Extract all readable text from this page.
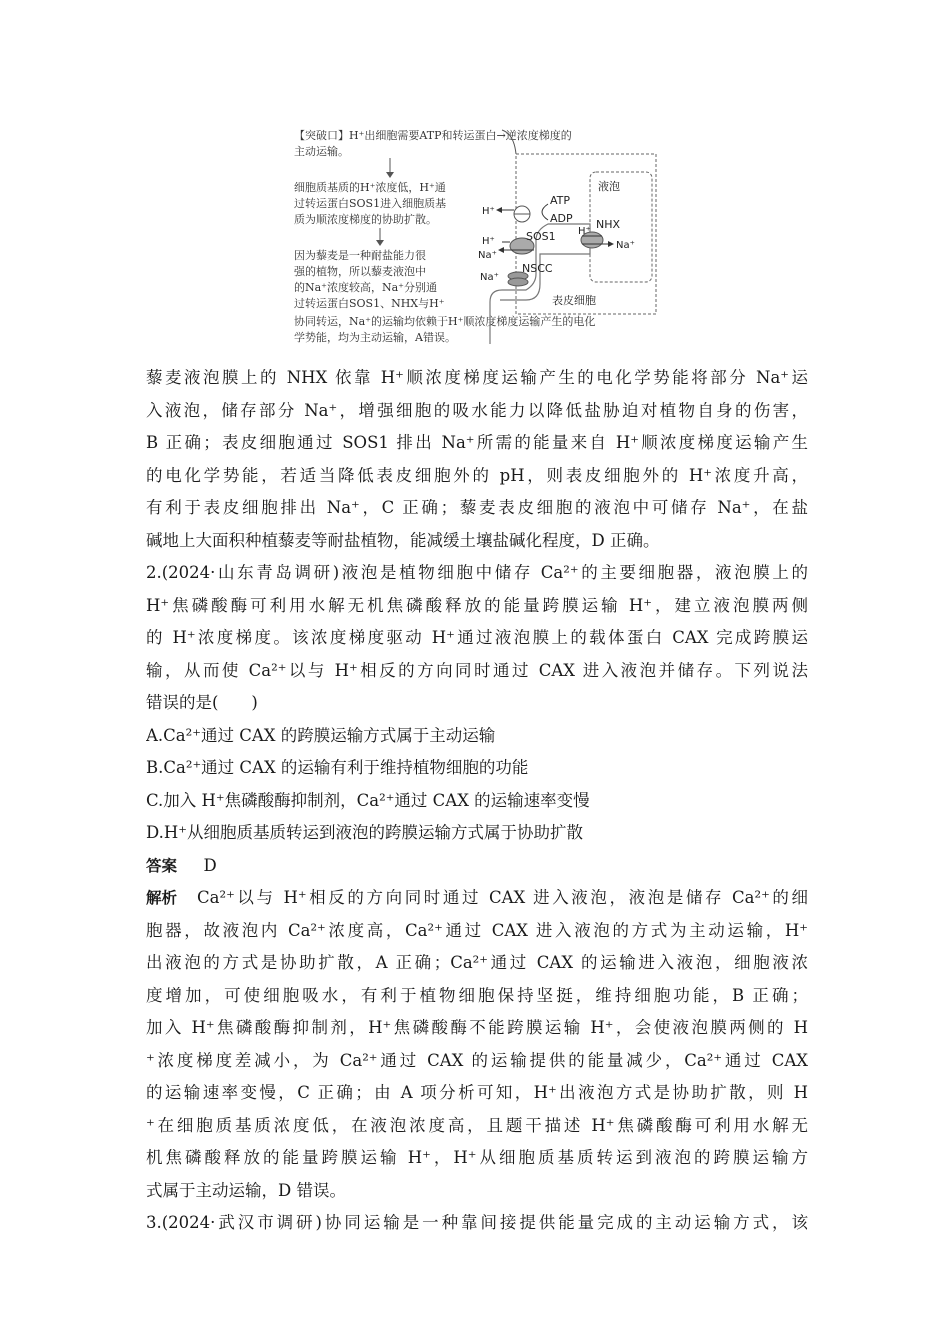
【突破口】H⁺出细胞需要ATP和转运蛋白→逆浓度梯度的
主动运输。
细胞质基质的H⁺浓度低，H⁺通
过转运蛋白SOS1进入细胞质基
质为顺浓度梯度的协助扩散。
因为藜麦是一种耐盐能力很
强的植物，所以藜麦液泡中
的Na⁺浓度较高，Na⁺分别通
过转运蛋白SOS1、NHX与H⁺
协同转运，Na⁺的运输均依赖于H⁺顺浓度梯度运输产生的电化
学势能，均为主动运输，A错误。
液泡
ATP
ADP NHX
SOS1
NSCC
H⁺
H⁺
Na⁺
Na⁺
H⁺
Na⁺
表皮细胞
藜麦液泡膜上的 NHX 依靠 H⁺顺浓度梯度运输产生的电化学势能将部分 Na⁺运
入液泡，储存部分 Na⁺，增强细胞的吸水能力以降低盐胁迫对植物自身的伤害，
B 正确；表皮细胞通过 SOS1 排出 Na⁺所需的能量来自 H⁺顺浓度梯度运输产生
的电化学势能，若适当降低表皮细胞外的 pH，则表皮细胞外的 H⁺浓度升高，
有利于表皮细胞排出 Na⁺，C 正确；藜麦表皮细胞的液泡中可储存 Na⁺，在盐
碱地上大面积种植藜麦等耐盐植物，能减缓土壤盐碱化程度，D 正确。
2.(2024·山东青岛调研)液泡是植物细胞中储存 Ca²⁺的主要细胞器，液泡膜上的
H⁺焦磷酸酶可利用水解无机焦磷酸释放的能量跨膜运输 H⁺，建立液泡膜两侧
的 H⁺浓度梯度。该浓度梯度驱动 H⁺通过液泡膜上的载体蛋白 CAX 完成跨膜运
输，从而使 Ca²⁺以与 H⁺相反的方向同时通过 CAX 进入液泡并储存。下列说法
错误的是(　　)
A.Ca²⁺通过 CAX 的跨膜运输方式属于主动运输
B.Ca²⁺通过 CAX 的运输有利于维持植物细胞的功能
C.加入 H⁺焦磷酸酶抑制剂，Ca²⁺通过 CAX 的运输速率变慢
D.H⁺从细胞质基质转运到液泡的跨膜运输方式属于协助扩散
答案 D
解析 Ca²⁺以与 H⁺相反的方向同时通过 CAX 进入液泡，液泡是储存 Ca²⁺的细
胞器，故液泡内 Ca²⁺浓度高，Ca²⁺通过 CAX 进入液泡的方式为主动运输，H⁺
出液泡的方式是协助扩散，A 正确；Ca²⁺通过 CAX 的运输进入液泡，细胞液浓
度增加，可使细胞吸水，有利于植物细胞保持坚挺，维持细胞功能，B 正确；
加入 H⁺焦磷酸酶抑制剂，H⁺焦磷酸酶不能跨膜运输 H⁺，会使液泡膜两侧的 H
⁺浓度梯度差减小，为 Ca²⁺通过 CAX 的运输提供的能量减少，Ca²⁺通过 CAX
的运输速率变慢，C 正确；由 A 项分析可知，H⁺出液泡方式是协助扩散，则 H
⁺在细胞质基质浓度低，在液泡浓度高，且题干描述 H⁺焦磷酸酶可利用水解无
机焦磷酸释放的能量跨膜运输 H⁺，H⁺从细胞质基质转运到液泡的跨膜运输方
式属于主动运输，D 错误。
3.(2024·武汉市调研)协同运输是一种靠间接提供能量完成的主动运输方式，该
